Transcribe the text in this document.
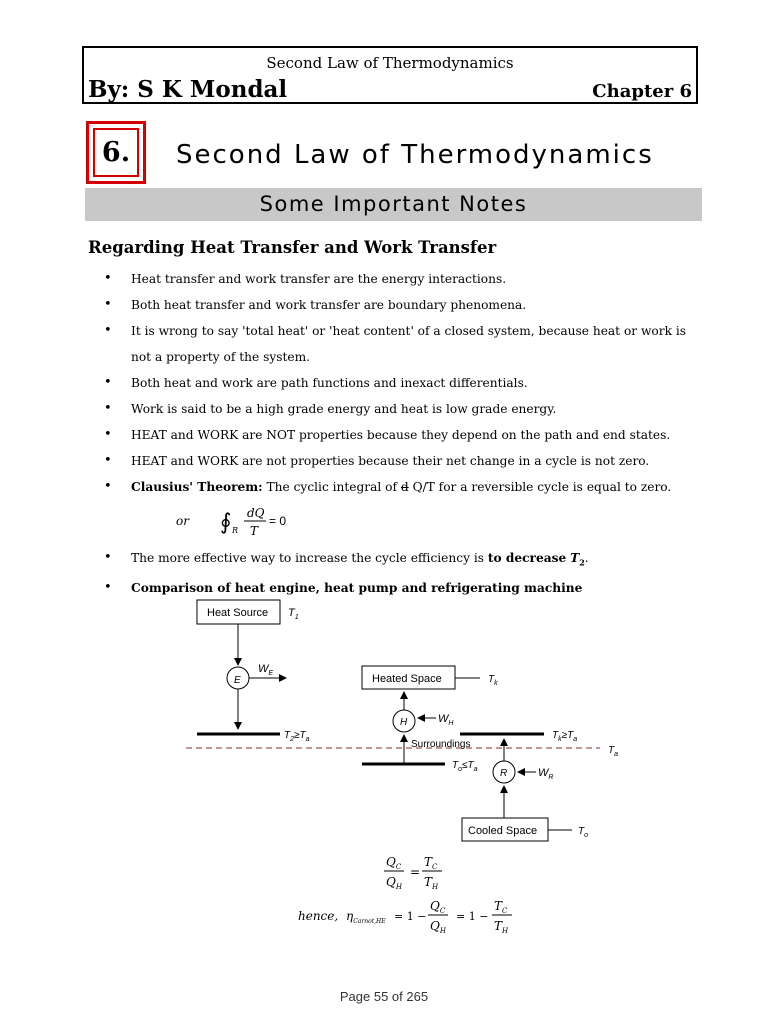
Second Law of Thermodynamics
By: S K Mondal	Chapter 6
6.	Second Law of Thermodynamics
Some Important Notes
Regarding Heat Transfer and Work Transfer
• Heat transfer and work transfer are the energy interactions.
• Both heat transfer and work transfer are boundary phenomena.
• It is wrong to say 'total heat' or 'heat content' of a closed system, because heat or work is not a property of the system.
• Both heat and work are path functions and inexact differentials.
• Work is said to be a high grade energy and heat is low grade energy.
• HEAT and WORK are NOT properties because they depend on the path and end states.
• HEAT and WORK are not properties because their net change in a cycle is not zero.
• Clausius' Theorem: The cyclic integral of d Q/T for a reversible cycle is equal to zero.
or ∮ R
dQ
T
= 0
• The more effective way to increase the cycle efficiency is to decrease $T_2$.
• Comparison of heat engine, heat pump and refrigerating machine
Heat Source $T_1$
E
$W_E$
$T_2\ge T_a$
$T_a$
Surroundings
Heated Space	$T_k$
H	$W_H$
$T_o\le T_a$
$T_k\ge T_a$
R	$W_R$
Cooled Space	$T_o$
$Q_C$
$Q_H$
=
$T_C$
$T_H$
hence, $\eta_{Carnot,HE} = 1$ −
$Q_C$
$Q_H$
= 1 −
$T_C$
$T_H$
Page 55 of 265
